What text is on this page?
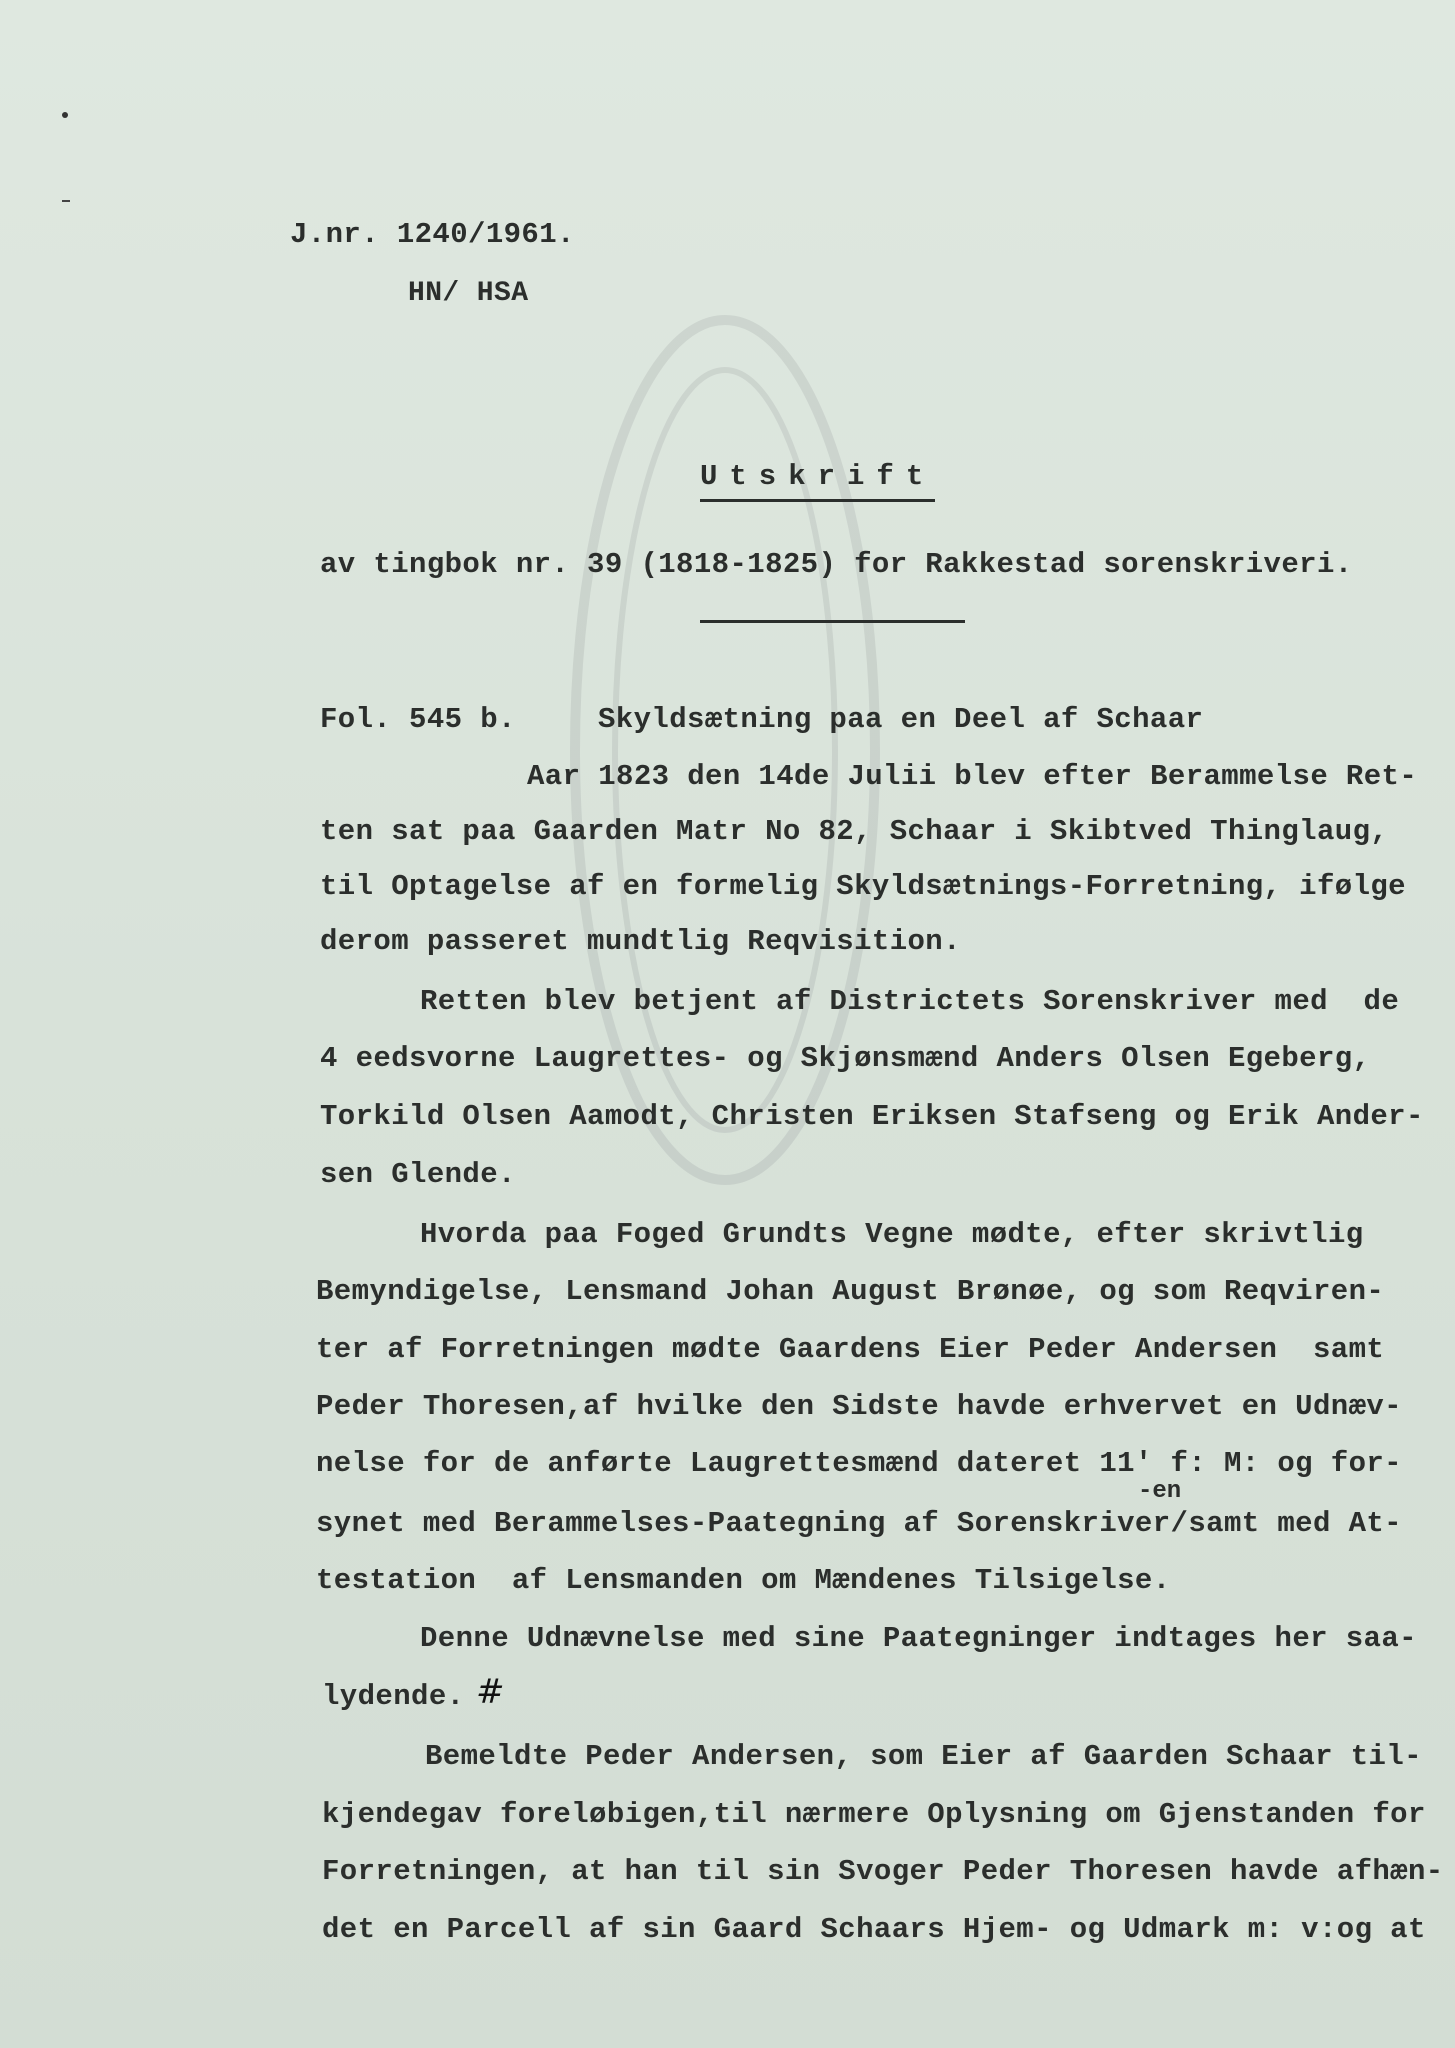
J.nr. 1240/1961.
HN/ HSA
Utskrift
av tingbok nr. 39 (1818-1825) for Rakkestad sorenskriveri.
Fol. 545 b.	Skyldsætning paa en Deel af Schaar
Aar 1823 den 14de Julii blev efter Berammelse Ret-
ten sat paa Gaarden Matr No 82, Schaar i Skibtved Thinglaug,
til Optagelse af en formelig Skyldsætnings-Forretning, ifølge
derom passeret mundtlig Reqvisition.
Retten blev betjent af Districtets Sorenskriver med  de
4 eedsvorne Laugrettes- og Skjønsmænd Anders Olsen Egeberg,
Torkild Olsen Aamodt, Christen Eriksen Stafseng og Erik Ander-
sen Glende.
Hvorda paa Foged Grundts Vegne mødte, efter skrivtlig
Bemyndigelse, Lensmand Johan August Brønøe, og som Reqviren-
ter af Forretningen mødte Gaardens Eier Peder Andersen  samt
Peder Thoresen,af hvilke den Sidste havde erhvervet en Udnæv-
nelse for de anførte Laugrettesmænd dateret 11' f: M: og for-
-en
synet med Berammelses-Paategning af Sorenskriver/samt med At-
testation  af Lensmanden om Mændenes Tilsigelse.
Denne Udnævnelse med sine Paategninger indtages her saa-
lydende. #
Bemeldte Peder Andersen, som Eier af Gaarden Schaar til-
kjendegav foreløbigen,til nærmere Oplysning om Gjenstanden for
Forretningen, at han til sin Svoger Peder Thoresen havde afhæn-
det en Parcell af sin Gaard Schaars Hjem- og Udmark m: v:og at
